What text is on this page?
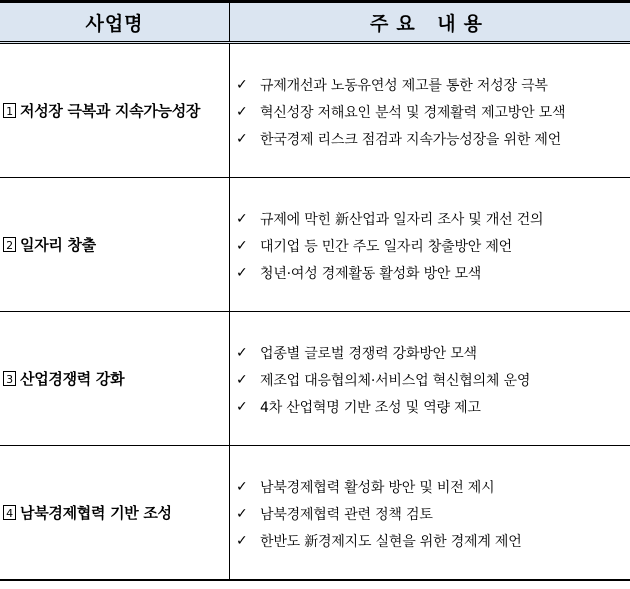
사업명	주요 내용
1 저성장 극복과 지속가능성장
✓ 규제개선과 노동유연성 제고를 통한 저성장 극복
✓ 혁신성장 저해요인 분석 및 경제활력 제고방안 모색
✓ 한국경제 리스크 점검과 지속가능성장을 위한 제언
2 일자리 창출
✓ 규제에 막힌 新산업과 일자리 조사 및 개선 건의
✓ 대기업 등 민간 주도 일자리 창출방안 제언
✓ 청년·여성 경제활동 활성화 방안 모색
3 산업경쟁력 강화
✓ 업종별 글로벌 경쟁력 강화방안 모색
✓ 제조업 대응협의체·서비스업 혁신협의체 운영
✓ 4차 산업혁명 기반 조성 및 역량 제고
4 남북경제협력 기반 조성
✓ 남북경제협력 활성화 방안 및 비전 제시
✓ 남북경제협력 관련 정책 검토
✓ 한반도 新경제지도 실현을 위한 경제계 제언
